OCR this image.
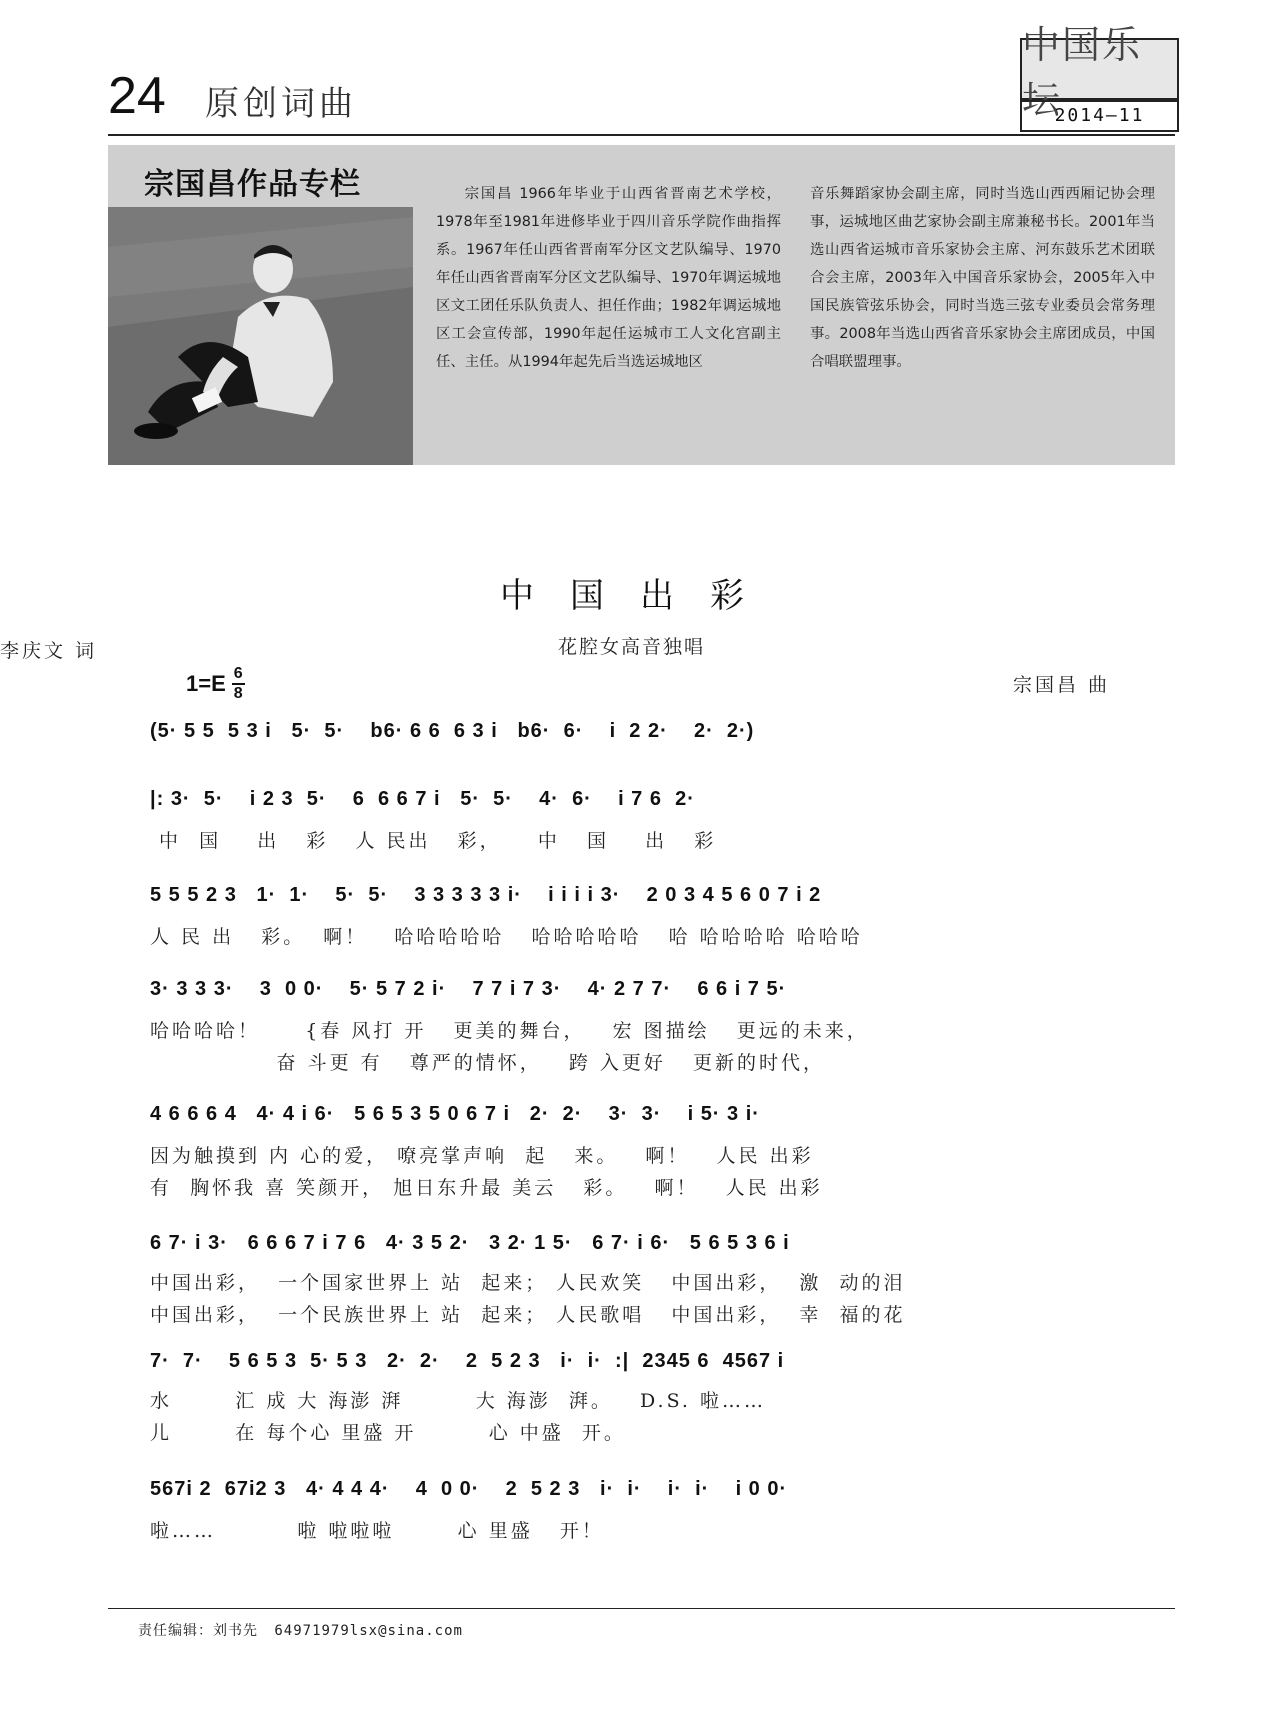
24 原创词曲
中国乐坛
2014—11
宗国昌作品专栏	宗国昌 1966年毕业于山西省晋南艺术学校，1978年至1981年进修毕业于四川音乐学院作曲指挥系。1967年任山西省晋南军分区文艺队编导、1970年任山西省晋南军分区文艺队编导、1970年调运城地区文工团任乐队负责人、担任作曲；1982年调运城地区工会宣传部，1990年起任运城市工人文化宫副主任、主任。从1994年起先后当选运城地区
音乐舞蹈家协会副主席，同时当选山西西厢记协会理事，运城地区曲艺家协会副主席兼秘书长。2001年当选山西省运城市音乐家协会主席、河东鼓乐艺术团联合会主席，2003年入中国音乐家协会，2005年入中国民族管弦乐协会，同时当选三弦专业委员会常务理事。2008年当选山西省音乐家协会主席团成员，中国合唱联盟理事。
中国出彩
花腔女高音独唱
李庆文 词
宗国昌 曲
$1=E \frac{6}{8}$
(5· 5 5  5 3 i   5·  5·    b6· 6 6  6 3 i   b6·  6·    i  2 2·    2·  2·)
|: 3·  5·    i 2 3  5·    6  6 6 7 i   5·  5·    4·  6·    i 7 6  2·
中  国    出   彩   人 民出   彩，    中   国    出   彩
5 5 5 2 3   1·  1·    5·  5·    3 3 3 3 3 i·    i i i i 3·    2 0 3 4 5 6 0 7 i 2
人 民 出   彩。  啊！   哈哈哈哈哈   哈哈哈哈哈   哈 哈哈哈哈 哈哈哈
3· 3 3 3·    3  0 0·    5· 5 7 2 i·    7 7 i 7 3·    4· 2 7 7·    6 6 i 7 5·
哈哈哈哈！     {春 风打 开   更美的舞台，   宏 图描绘   更远的未来，
奋 斗更 有   尊严的情怀，   跨 入更好   更新的时代，
4 6 6 6 4   4· 4 i 6·   5 6 5 3 5 0 6 7 i   2·  2·    3·  3·    i 5· 3 i·
因为触摸到 内 心的爱， 嘹亮掌声响  起   来。   啊！   人民 出彩
有  胸怀我 喜 笑颜开， 旭日东升最 美云   彩。   啊！   人民 出彩
6 7· i 3·   6 6 6 7 i 7 6   4· 3 5 2·   3 2· 1 5·   6 7· i 6·   5 6 5 3 6 i
中国出彩，  一个国家世界上 站  起来； 人民欢笑   中国出彩，  激  动的泪
中国出彩，  一个民族世界上 站  起来； 人民歌唱   中国出彩，  幸  福的花
7·  7·    5 6 5 3  5· 5 3   2·  2·    2  5 2 3   i·  i·  :|  2345 6  4567 i
水       汇 成 大 海澎 湃        大 海澎  湃。   D.S. 啦……
儿       在 每个心 里盛 开        心 中盛  开。
567i 2  67i2 3   4· 4 4 4·    4  0 0·    2  5 2 3   i·  i·    i·  i·    i 0 0·
啦……         啦 啦啦啦       心 里盛   开！
责任编辑：刘书先 64971979lsx@sina.com
